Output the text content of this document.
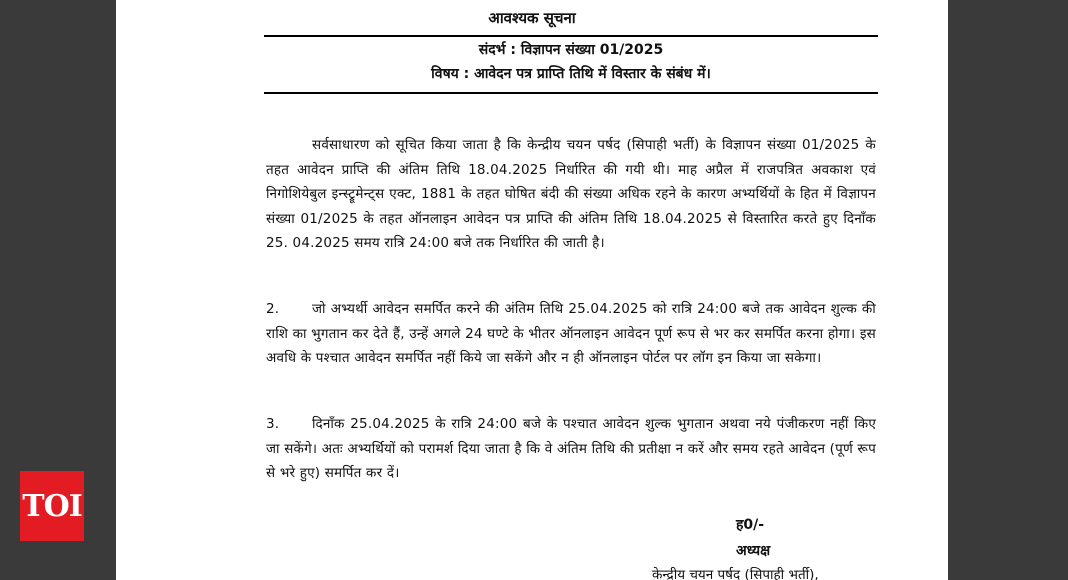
आवश्यक सूचना
संदर्भ : विज्ञापन संख्या 01/2025
विषय : आवेदन पत्र प्राप्ति तिथि में विस्तार के संबंध में।
सर्वसाधारण को सूचित किया जाता है कि केन्द्रीय चयन पर्षद (सिपाही भर्ती) के विज्ञापन संख्या 01/2025 के तहत आवेदन प्राप्ति की अंतिम तिथि 18.04.2025 निर्धारित की गयी थी। माह अप्रैल में राजपत्रित अवकाश एवं निगोशियेबुल इन्स्ट्रूमेन्ट्स एक्ट, 1881 के तहत घोषित बंदी की संख्या अधिक रहने के कारण अभ्यर्थियों के हित में विज्ञापन संख्या 01/2025 के तहत ऑनलाइन आवेदन पत्र प्राप्ति की अंतिम तिथि 18.04.2025 से विस्तारित करते हुए दिनाँक 25. 04.2025 समय रात्रि 24:00 बजे तक निर्धारित की जाती है।
2. जो अभ्यर्थी आवेदन समर्पित करने की अंतिम तिथि 25.04.2025 को रात्रि 24:00 बजे तक आवेदन शुल्क की राशि का भुगतान कर देते हैं, उन्हें अगले 24 घण्टे के भीतर ऑनलाइन आवेदन पूर्ण रूप से भर कर समर्पित करना होगा। इस अवधि के पश्चात आवेदन समर्पित नहीं किये जा सकेंगे और न ही ऑनलाइन पोर्टल पर लॉग इन किया जा सकेगा।
3. दिनाँक 25.04.2025 के रात्रि 24:00 बजे के पश्चात आवेदन शुल्क भुगतान अथवा नये पंजीकरण नहीं किए जा सकेंगे। अतः अभ्यर्थियों को परामर्श दिया जाता है कि वे अंतिम तिथि की प्रतीक्षा न करें और समय रहते आवेदन (पूर्ण रूप से भरे हुए) समर्पित कर दें।
ह0/-
अध्यक्ष
केन्द्रीय चयन पर्षद (सिपाही भर्ती),
TOI
